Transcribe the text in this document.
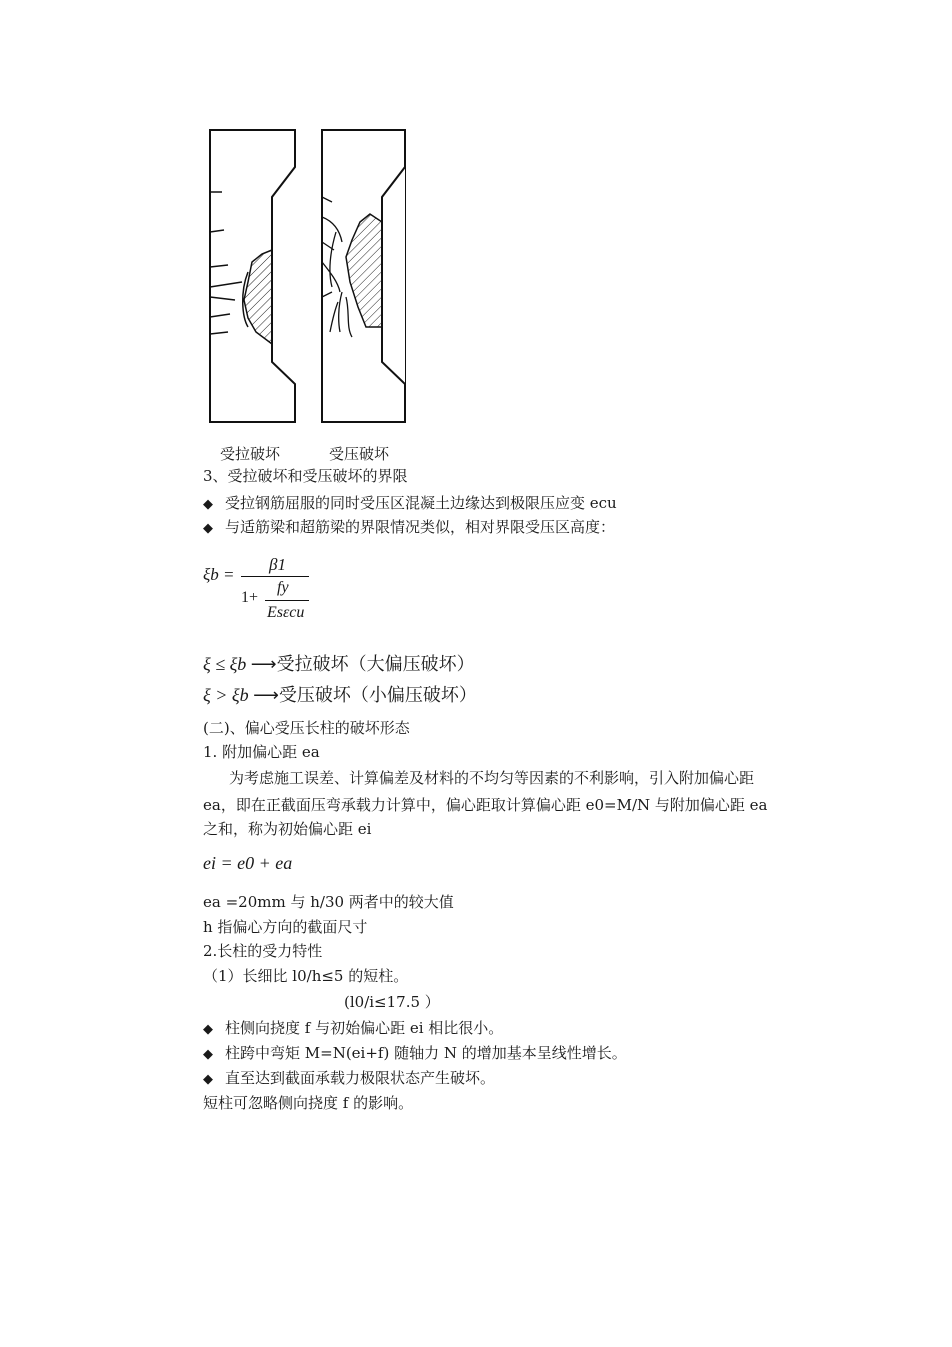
受拉破坏	受压破坏
3、受拉破坏和受压破坏的界限
◆ 受拉钢筋屈服的同时受压区混凝土边缘达到极限压应变 ecu
◆ 与适筋梁和超筋梁的界限情况类似，相对界限受压区高度：
ξb =
β1
1+
fy
Esεcu
ξ ≤ ξb ⟶受拉破坏（大偏压破坏）
ξ > ξb ⟶受压破坏（小偏压破坏）
(二)、偏心受压长柱的破坏形态
1. 附加偏心距 ea
为考虑施工误差、计算偏差及材料的不均匀等因素的不利影响，引入附加偏心距
ea，即在正截面压弯承载力计算中，偏心距取计算偏心距 e0=M/N 与附加偏心距 ea
之和，称为初始偏心距 ei
ei = e0 + ea
ea =20mm 与 h/30 两者中的较大值
h 指偏心方向的截面尺寸
2.长柱的受力特性
（1）长细比 l0/h≤5 的短柱。
(l0/i≤17.5 ）
◆ 柱侧向挠度 f 与初始偏心距 ei 相比很小。
◆ 柱跨中弯矩 M=N(ei+f) 随轴力 N 的增加基本呈线性增长。
◆ 直至达到截面承载力极限状态产生破坏。
短柱可忽略侧向挠度 f 的影响。
